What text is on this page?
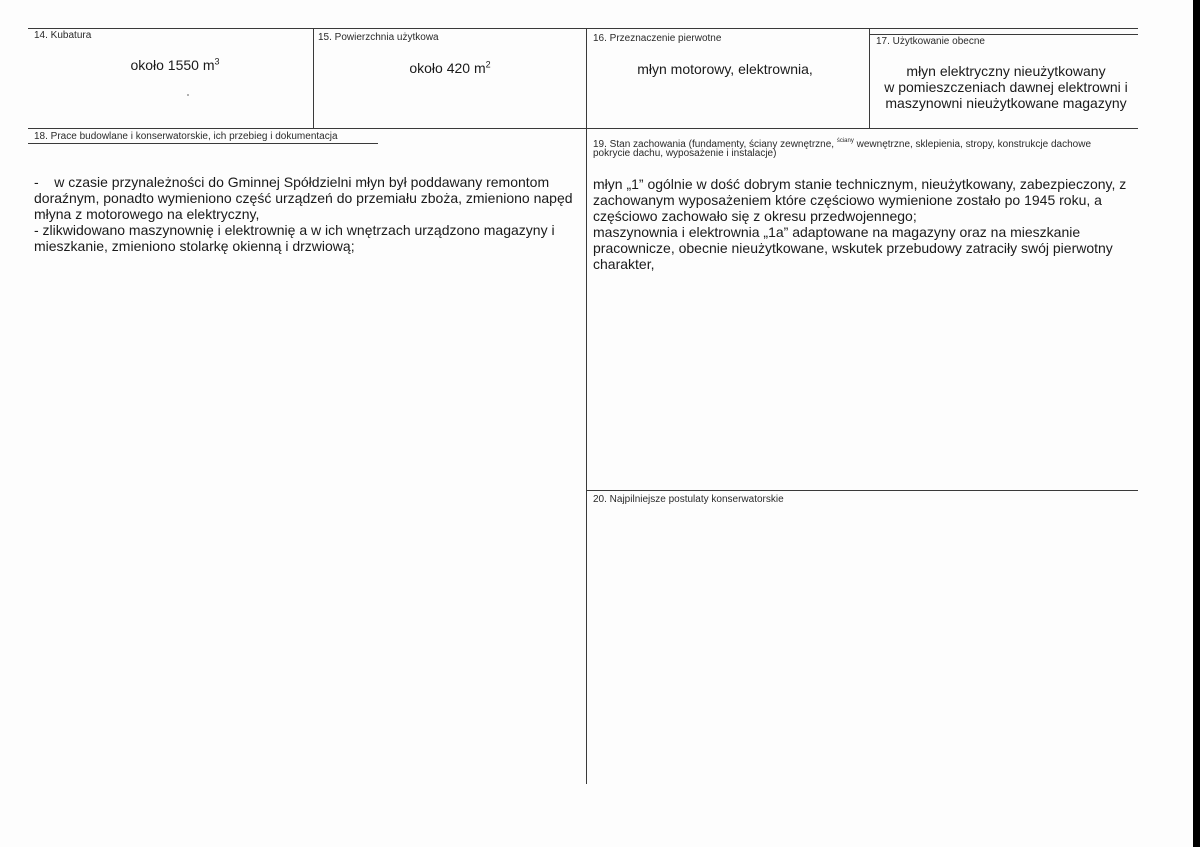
14. Kubatura
około 1550 $m^3$
15. Powierzchnia użytkowa
około 420 $m^2$
16. Przeznaczenie pierwotne
młyn motorowy, elektrownia,
17. Użytkowanie obecne
młyn elektryczny nieużytkowany
w pomieszczeniach dawnej elektrowni i
maszynowni nieużytkowane magazyny
18. Prace budowlane i konserwatorskie, ich przebieg i dokumentacja

-    w czasie przynależności do Gminnej Spółdzielni młyn był poddawany remontom doraźnym, ponadto wymieniono część urządzeń do przemiału zboża, zmieniono napęd młyna z motorowego na elektryczny,

- zlikwidowano maszynownię i elektrownię a w ich wnętrzach urządzono magazyny i mieszkanie, zmieniono stolarkę okienną i drzwiową;

19. Stan zachowania (fundamenty, ściany zewnętrzne, $^{ściany}$ wewnętrzne, sklepienia, stropy, konstrukcje dachowe
pokrycie dachu, wyposażenie i instalacje)

młyn „1” ogólnie w dość dobrym stanie technicznym, nieużytkowany, zabezpieczony, z zachowanym wyposażeniem które częściowo wymienione zostało po 1945 roku, a częściowo zachowało się z okresu przedwojennego;

maszynownia i elektrownia „1a” adaptowane na magazyny oraz na mieszkanie pracownicze, obecnie nieużytkowane, wskutek przebudowy zatraciły swój pierwotny charakter,

20. Najpilniejsze postulaty konserwatorskie
